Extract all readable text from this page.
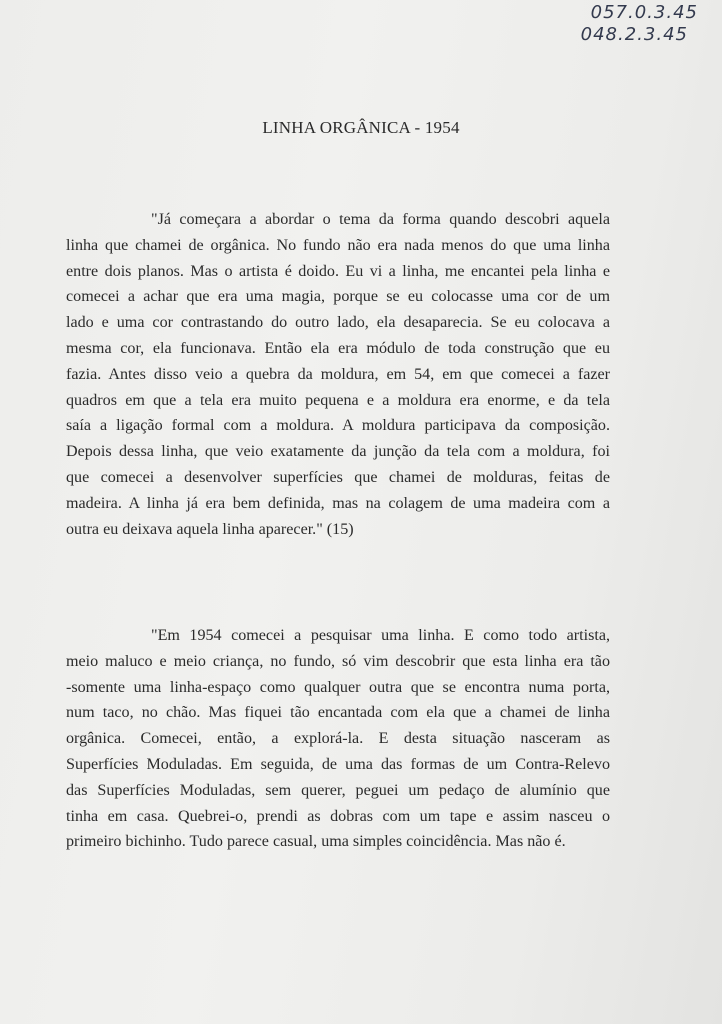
057.0.3.45
048.2.3.45
LINHA ORGÂNICA - 1954
"Já começara a abordar o tema da forma quando descobri aquela
linha que chamei de orgânica. No fundo não era nada menos do que uma linha
entre dois planos. Mas o artista é doido. Eu vi a linha, me encantei pela linha e
comecei a achar que era uma magia, porque se eu colocasse uma cor de um
lado e uma cor contrastando do outro lado, ela desaparecia. Se eu colocava a
mesma cor, ela funcionava. Então ela era módulo de toda construção que eu
fazia. Antes disso veio a quebra da moldura, em 54, em que comecei a fazer
quadros em que a tela era muito pequena e a moldura era enorme, e da tela
saía a ligação formal com a moldura. A moldura participava da composição.
Depois dessa linha, que veio exatamente da junção da tela com a moldura, foi
que comecei a desenvolver superfícies que chamei de molduras, feitas de
madeira. A linha já era bem definida, mas na colagem de uma madeira com a
outra eu deixava aquela linha aparecer." (15)
"Em 1954 comecei a pesquisar uma linha. E como todo artista,
meio maluco e meio criança, no fundo, só vim descobrir que esta linha era tão
-somente uma linha-espaço como qualquer outra que se encontra numa porta,
num taco, no chão. Mas fiquei tão encantada com ela que a chamei de linha
orgânica. Comecei, então, a explorá-la. E desta situação nasceram as
Superfícies Moduladas. Em seguida, de uma das formas de um Contra-Relevo
das Superfícies Moduladas, sem querer, peguei um pedaço de alumínio que
tinha em casa. Quebrei-o, prendi as dobras com um tape e assim nasceu o
primeiro bichinho. Tudo parece casual, uma simples coincidência. Mas não é.
